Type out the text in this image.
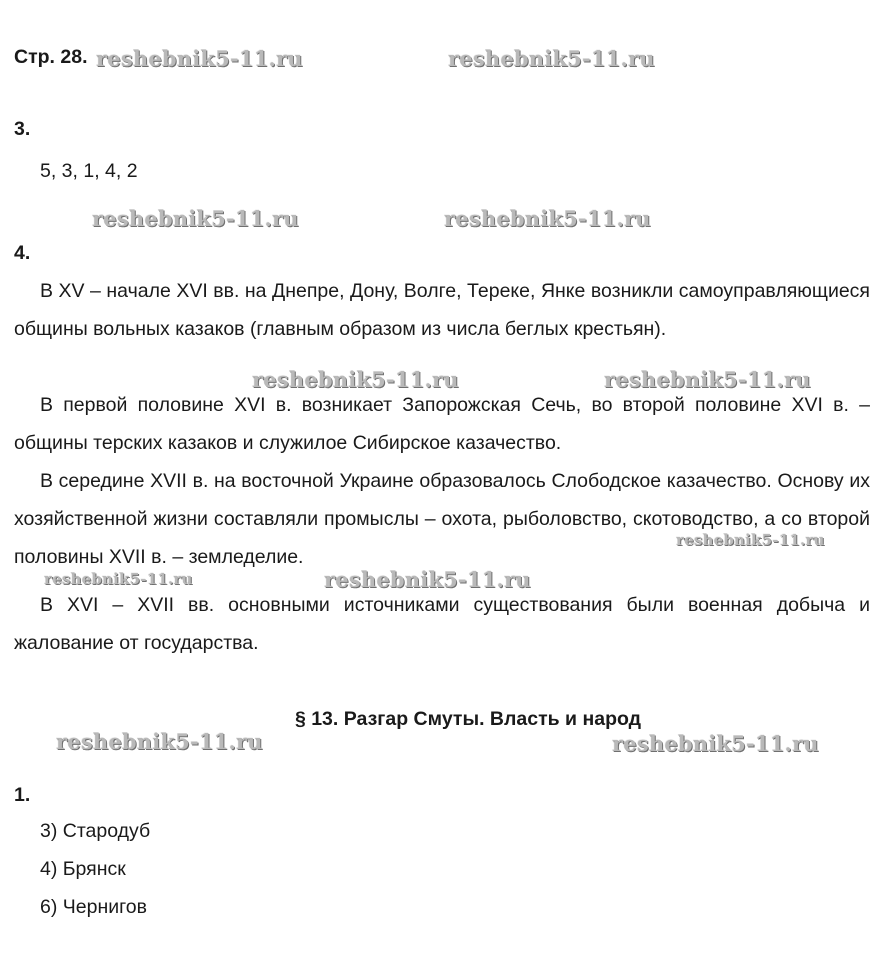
Стр. 28.

3.

5, 3, 1, 4, 2

4.

В XV – начале XVI вв. на Днепре, Дону, Волге, Тереке, Янке возникли самоуправляющиеся общины вольных казаков (главным образом из числа беглых крестьян).

В первой половине XVI в. возникает Запорожская Сечь, во второй половине XVI в. – общины терских казаков и служилое Сибирское казачество.

В середине XVII в. на восточной Украине образовалось Слободское казачество. Основу их хозяйственной жизни составляли промыслы – охота, рыболовство, скотоводство, а со второй половины XVII в. – земледелие.

В XVI – XVII вв. основными источниками существования были военная добыча и жалование от государства.

§ 13. Разгар Смуты. Власть и народ

1.

3) Стародуб

4) Брянск

6) Чернигов

reshebnik5-11.ru	reshebnik5-11.ru
reshebnik5-11.ru	reshebnik5-11.ru
reshebnik5-11.ru	reshebnik5-11.ru
reshebnik5-11.ru
reshebnik5-11.ru	reshebnik5-11.ru
reshebnik5-11.ru	reshebnik5-11.ru
